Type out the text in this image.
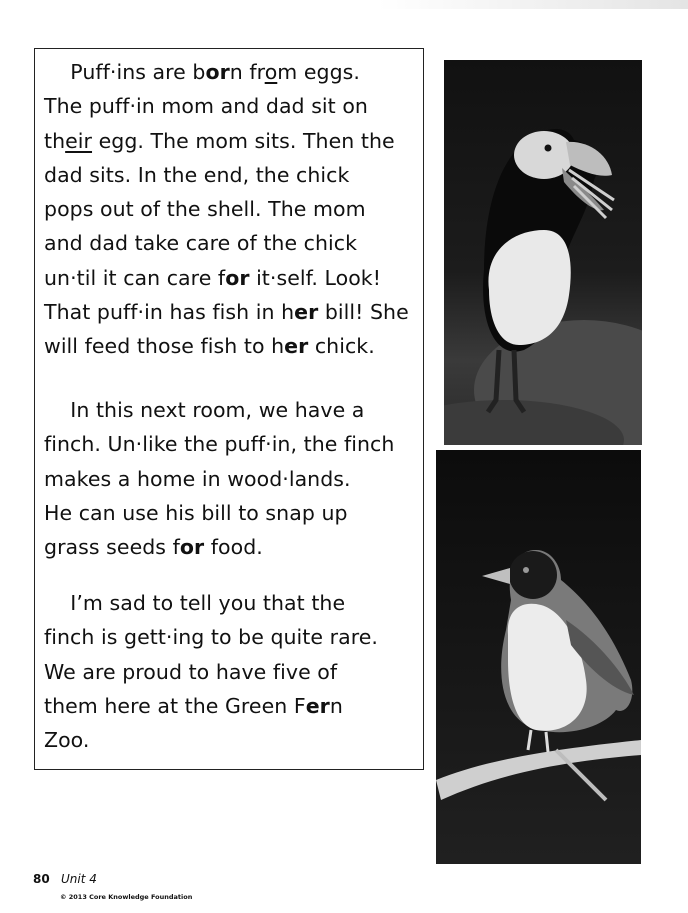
Puff·ins are born from eggs.
The puff·in mom and dad sit on
their egg. The mom sits. Then the
dad sits. In the end, the chick
pops out of the shell. The mom
and dad take care of the chick
un·til it can care for it·self. Look!
That puff·in has fish in her bill! She
will feed those fish to her chick.
In this next room, we have a
finch. Un·like the puff·in, the finch
makes a home in wood·lands.
He can use his bill to snap up
grass seeds for food.
I’m sad to tell you that the
finch is gett·ing to be quite rare.
We are proud to have five of
them here at the Green Fern
Zoo.
80 Unit 4
© 2013 Core Knowledge Foundation
